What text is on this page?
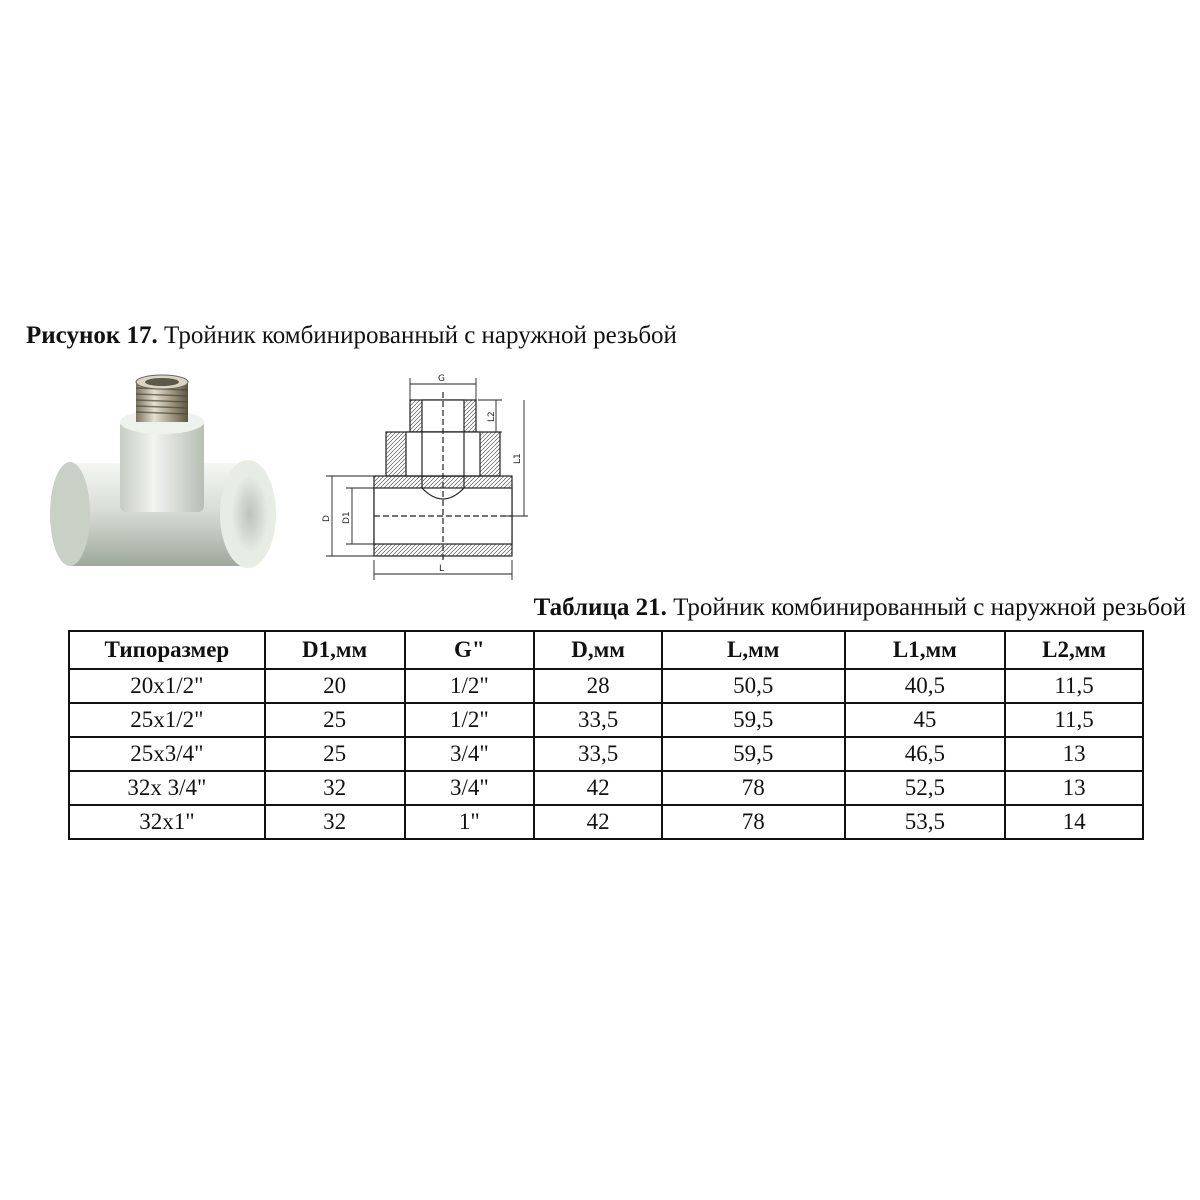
Рисунок 17. Тройник комбинированный с наружной резьбой
G
L2
L1
D D1
L
Таблица 21. Тройник комбинированный с наружной резьбой
Типоразмер	D1,мм	G"	D,мм	L,мм	L1,мм	L2,мм
20x1/2"	20	1/2"	28	50,5	40,5	11,5
25x1/2"	25	1/2"	33,5	59,5	45	11,5
25x3/4"	25	3/4"	33,5	59,5	46,5	13
32x 3/4"	32	3/4"	42	78	52,5	13
32x1"	32	1"	42	78	53,5	14
